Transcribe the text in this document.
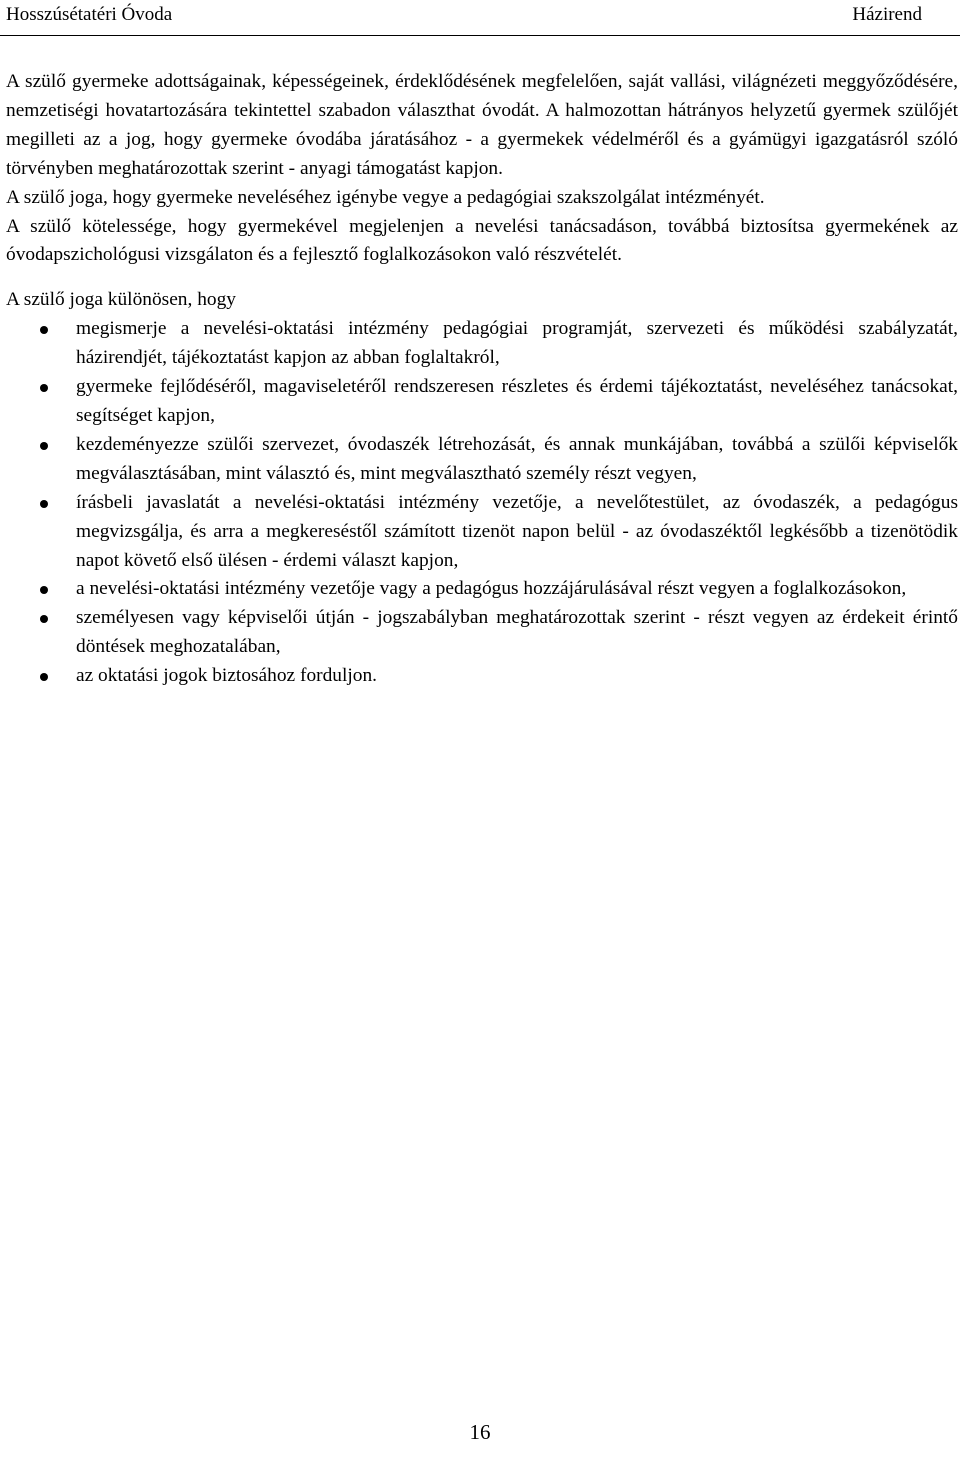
Hosszúsétatéri Óvoda	Házirend

A szülő gyermeke adottságainak, képességeinek, érdeklődésének megfelelően, saját vallási, világnézeti meggyőződésére, nemzetiségi hovatartozására tekintettel szabadon választhat óvodát. A halmozottan hátrányos helyzetű gyermek szülőjét megilleti az a jog, hogy gyermeke óvodába járatásához - a gyermekek védelméről és a gyámügyi igazgatásról szóló törvényben meghatározottak szerint - anyagi támogatást kapjon.

A szülő joga, hogy gyermeke neveléséhez igénybe vegye a pedagógiai szakszolgálat intézményét.

A szülő kötelessége, hogy gyermekével megjelenjen a nevelési tanácsadáson, továbbá biztosítsa gyermekének az óvodapszichológusi vizsgálaton és a fejlesztő foglalkozásokon való részvételét.

A szülő joga különösen, hogy

megismerje a nevelési-oktatási intézmény pedagógiai programját, szervezeti és működési szabályzatát, házirendjét, tájékoztatást kapjon az abban foglaltakról,
gyermeke fejlődéséről, magaviseletéről rendszeresen részletes és érdemi tájékoztatást, neveléséhez tanácsokat, segítséget kapjon,
kezdeményezze szülői szervezet, óvodaszék létrehozását, és annak munkájában, továbbá a szülői képviselők megválasztásában, mint választó és, mint megválasztható személy részt vegyen,
írásbeli javaslatát a nevelési-oktatási intézmény vezetője, a nevelőtestület, az óvodaszék, a pedagógus megvizsgálja, és arra a megkereséstől számított tizenöt napon belül - az óvodaszéktől legkésőbb a tizenötödik napot követő első ülésen - érdemi választ kapjon,
a nevelési-oktatási intézmény vezetője vagy a pedagógus hozzájárulásával részt vegyen a foglalkozásokon,
személyesen vagy képviselői útján - jogszabályban meghatározottak szerint - részt vegyen az érdekeit érintő döntések meghozatalában,
az oktatási jogok biztosához forduljon.
16
